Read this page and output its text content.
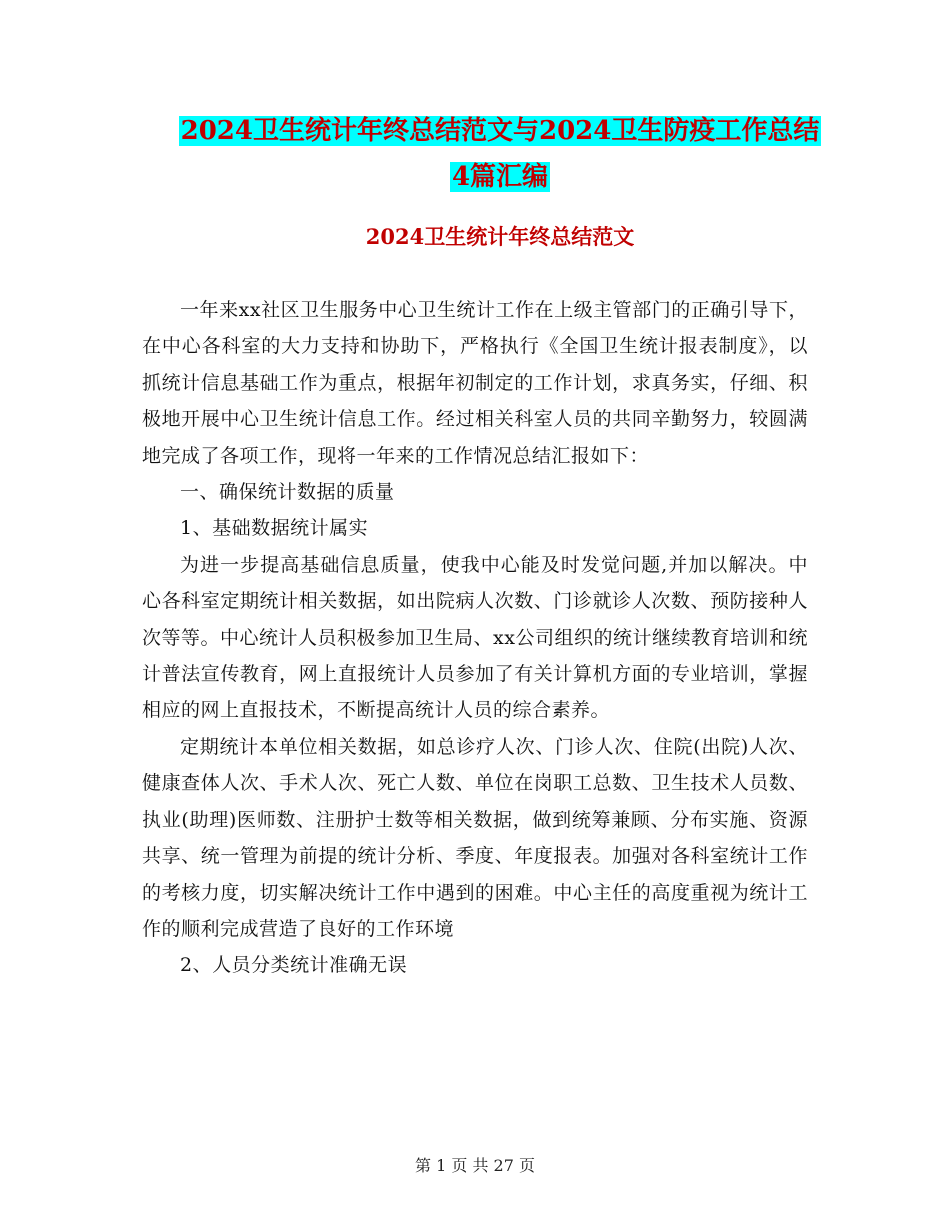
2024卫生统计年终总结范文与2024卫生防疫工作总结
4篇汇编
2024卫生统计年终总结范文

一年来xx社区卫生服务中心卫生统计工作在上级主管部门的正确引导下，在中心各科室的大力支持和协助下，严格执行《全国卫生统计报表制度》，以抓统计信息基础工作为重点，根据年初制定的工作计划，求真务实，仔细、积极地开展中心卫生统计信息工作。经过相关科室人员的共同辛勤努力，较圆满地完成了各项工作，现将一年来的工作情况总结汇报如下：

一、确保统计数据的质量

1、基础数据统计属实

为进一步提高基础信息质量，使我中心能及时发觉问题,并加以解决。中心各科室定期统计相关数据，如出院病人次数、门诊就诊人次数、预防接种人次等等。中心统计人员积极参加卫生局、xx公司组织的统计继续教育培训和统计普法宣传教育，网上直报统计人员参加了有关计算机方面的专业培训，掌握相应的网上直报技术，不断提高统计人员的综合素养。

定期统计本单位相关数据，如总诊疗人次、门诊人次、住院(出院)人次、健康查体人次、手术人次、死亡人数、单位在岗职工总数、卫生技术人员数、执业(助理)医师数、注册护士数等相关数据，做到统筹兼顾、分布实施、资源共享、统一管理为前提的统计分析、季度、年度报表。加强对各科室统计工作的考核力度，切实解决统计工作中遇到的困难。中心主任的高度重视为统计工作的顺利完成营造了良好的工作环境

2、人员分类统计准确无误

第 1 页 共 27 页
